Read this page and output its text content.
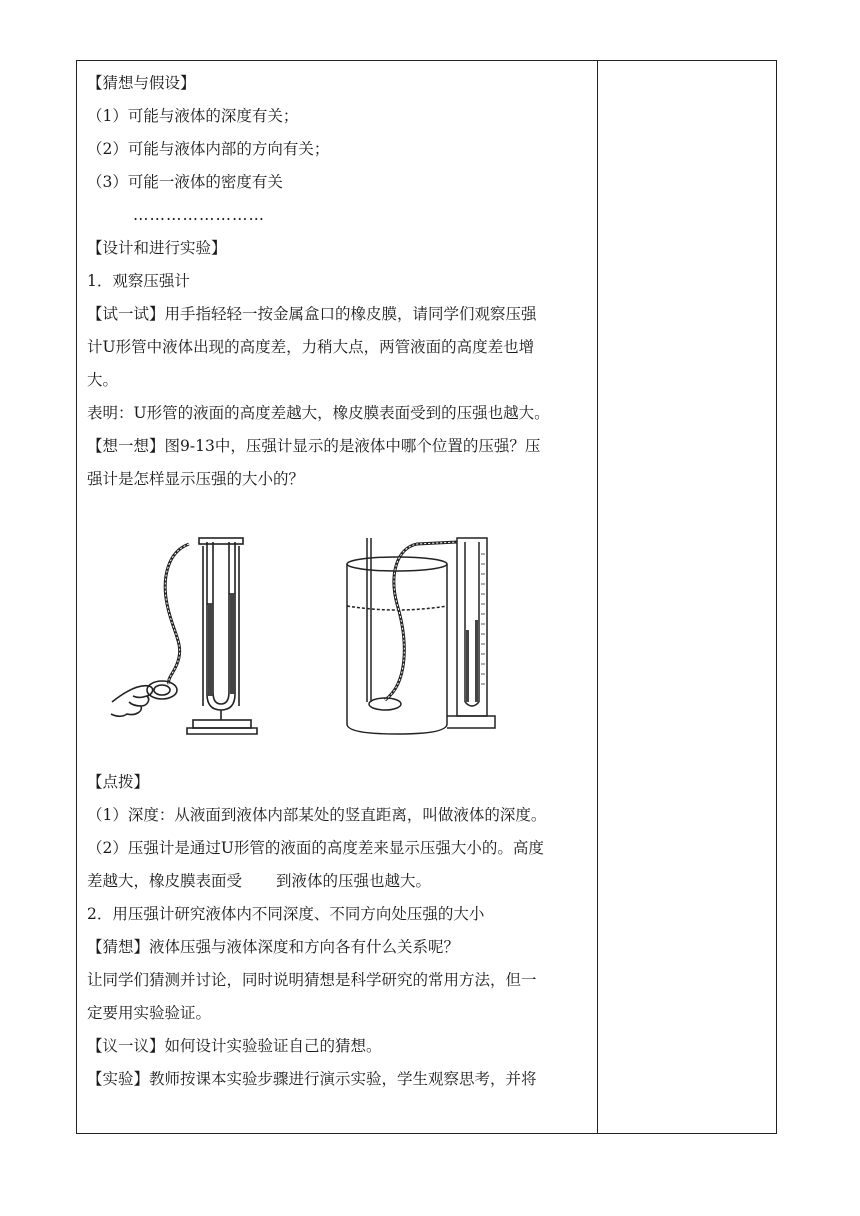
【猜想与假设】
（1）可能与液体的深度有关；
（2）可能与液体内部的方向有关；
（3）可能一液体的密度有关
……………………
【设计和进行实验】
1．观察压强计
【试一试】用手指轻轻一按金属盒口的橡皮膜，请同学们观察压强
计U形管中液体出现的高度差，力稍大点，两管液面的高度差也增
大。
表明：U形管的液面的高度差越大，橡皮膜表面受到的压强也越大。
【想一想】图9-13中，压强计显示的是液体中哪个位置的压强？压
强计是怎样显示压强的大小的？
【点拨】
（1）深度：从液面到液体内部某处的竖直距离，叫做液体的深度。
（2）压强计是通过U形管的液面的高度差来显示压强大小的。高度
差越大，橡皮膜表面受 到液体的压强也越大。
2．用压强计研究液体内不同深度、不同方向处压强的大小
【猜想】液体压强与液体深度和方向各有什么关系呢？
让同学们猜测并讨论，同时说明猜想是科学研究的常用方法，但一
定要用实验验证。
【议一议】如何设计实验验证自己的猜想。
【实验】教师按课本实验步骤进行演示实验，学生观察思考，并将
